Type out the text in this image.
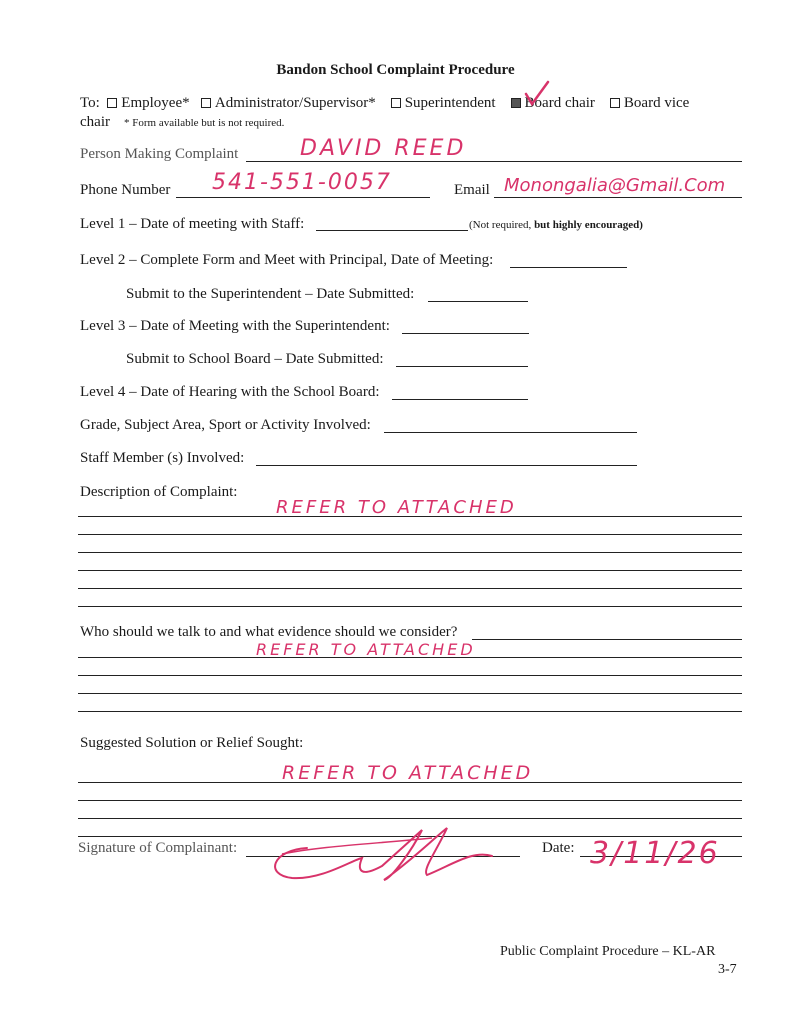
Bandon School Complaint Procedure
To: Employee* Administrator/Supervisor* Superintendent Board chair Board vice
chair * Form available but is not required.
Person Making Complaint	DAVID REED
Phone Number 541-551-0057	Email Monongalia@Gmail.Com
Level 1 – Date of meeting with Staff:	(Not required, but highly encouraged)
Level 2 – Complete Form and Meet with Principal, Date of Meeting:
Submit to the Superintendent – Date Submitted:
Level 3 – Date of Meeting with the Superintendent:
Submit to School Board – Date Submitted:
Level 4 – Date of Hearing with the School Board:
Grade, Subject Area, Sport or Activity Involved:
Staff Member (s) Involved:
Description of Complaint:
REFER TO ATTACHED
Who should we talk to and what evidence should we consider?
REFER TO ATTACHED
Suggested Solution or Relief Sought:
REFER TO ATTACHED
Signature of Complainant:	Date: 3/11/26
Public Complaint Procedure – KL-AR
3-7
